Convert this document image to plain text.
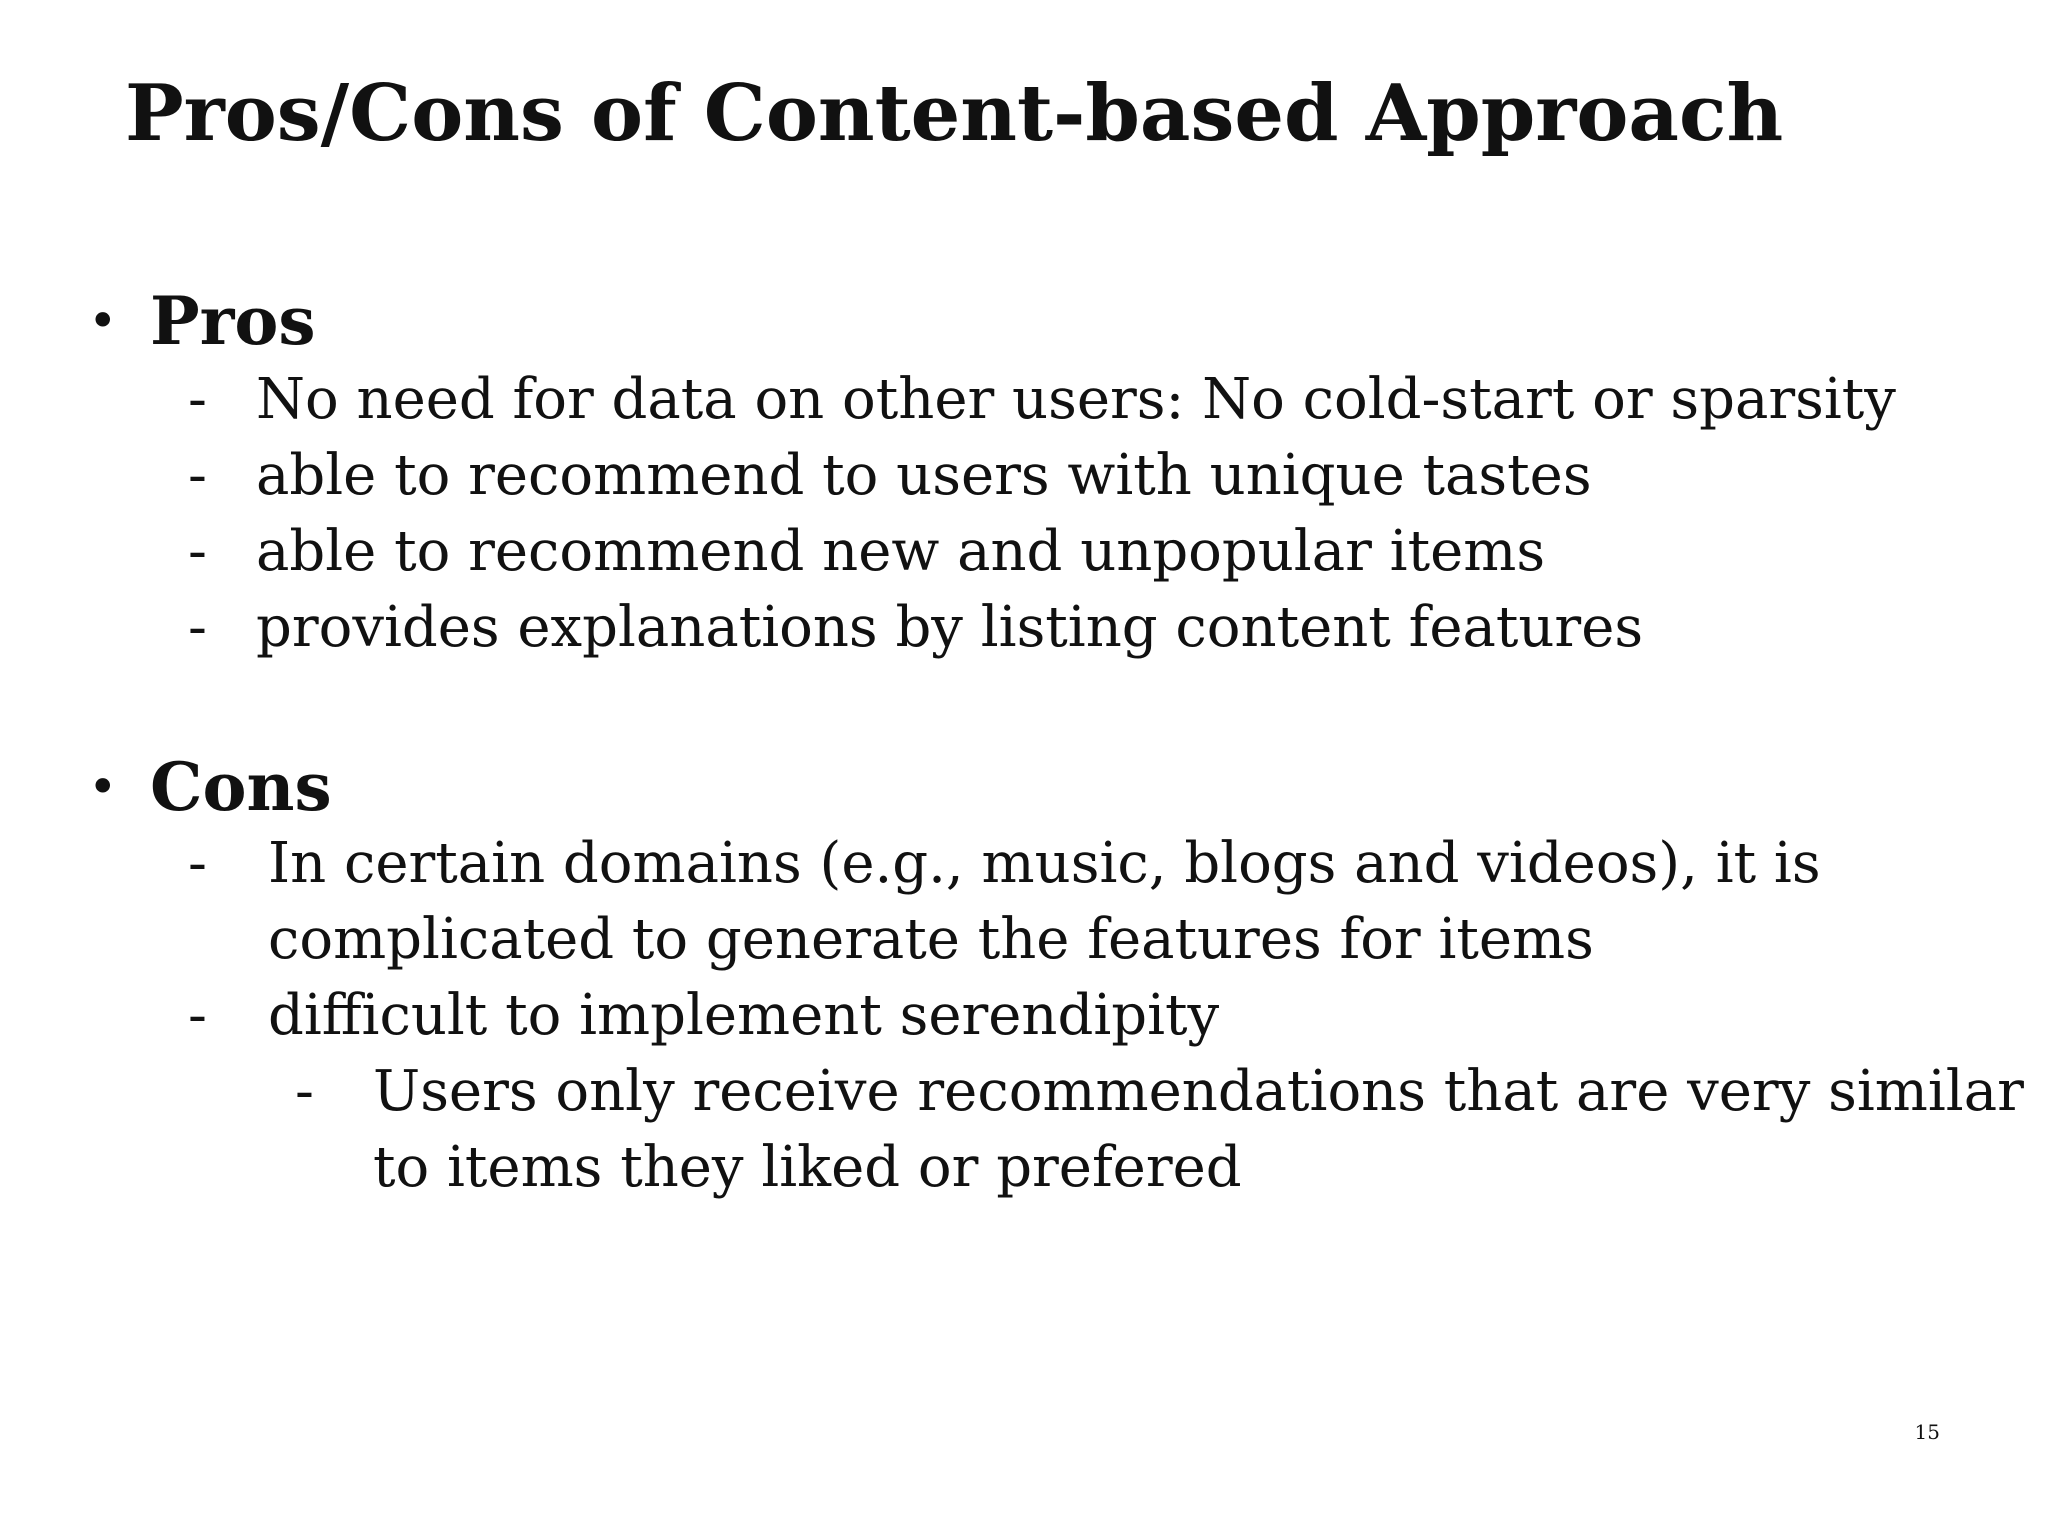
Pros/Cons of Content-based Approach
• Pros
- No need for data on other users: No cold-start or sparsity
- able to recommend to users with unique tastes
- able to recommend new and unpopular items
- provides explanations by listing content features
• Cons
- In certain domains (e.g., music, blogs and videos), it is
complicated to generate the features for items
- difficult to implement serendipity
- Users only receive recommendations that are very similar
to items they liked or prefered
15
